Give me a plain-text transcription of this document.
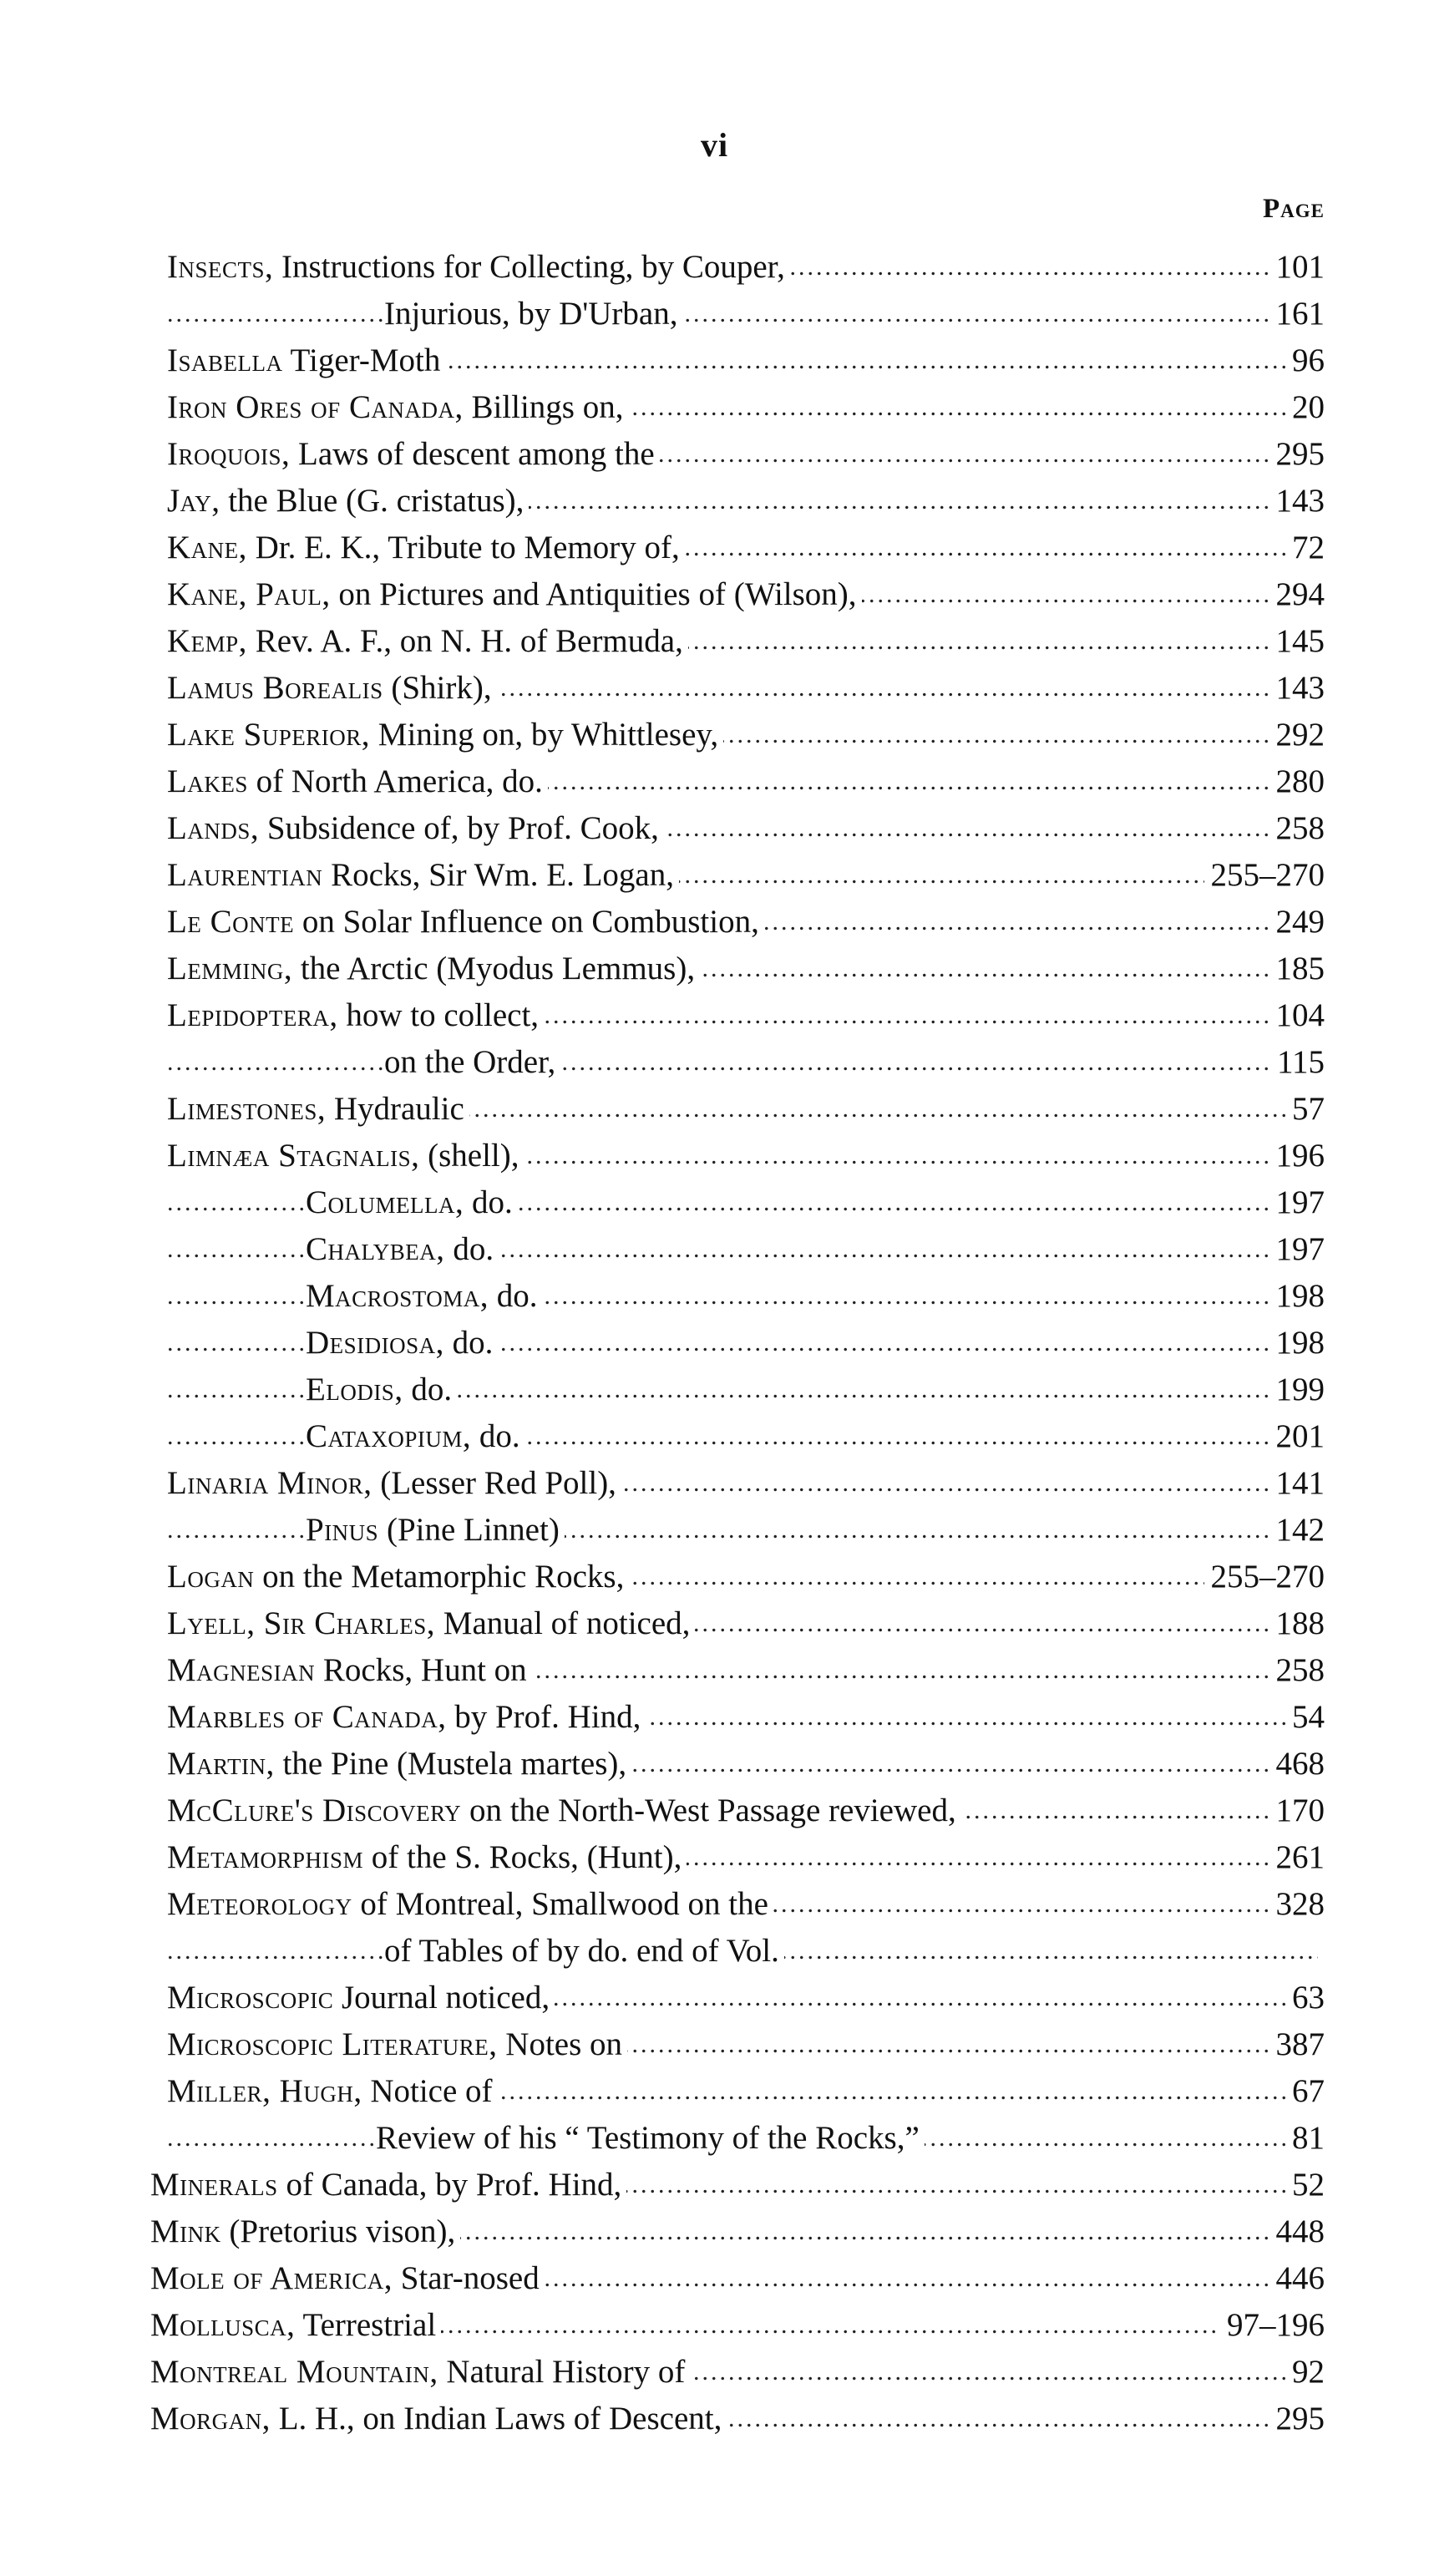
vi
Page
.....
Insects, Instructions for Collecting, by Couper,	101
.....
Injurious, by D'Urban,	161
.....
Isabella Tiger-Moth	96
.....
Iron Ores of Canada, Billings on,	20
.....
Iroquois, Laws of descent among the	295
.....
Jay, the Blue (G. cristatus),	143
.....
Kane, Dr. E. K., Tribute to Memory of,	72
.....
Kane, Paul, on Pictures and Antiquities of (Wilson),	294
.....
Kemp, Rev. A. F., on N. H. of Bermuda,	145
.....
Lamus Borealis (Shirk),	143
.....
Lake Superior, Mining on, by Whittlesey,	292
.....
Lakes of North America, do.	280
.....
Lands, Subsidence of, by Prof. Cook,	258
.....
Laurentian Rocks, Sir Wm. E. Logan,	255–270
.....
Le Conte on Solar Influence on Combustion,	249
.....
Lemming, the Arctic (Myodus Lemmus),	185
.....
Lepidoptera, how to collect,	104
.....
on the Order,	115
.....
Limestones, Hydraulic	57
.....
Limnæa Stagnalis, (shell),	196
.....
Columella, do.	197
.....
Chalybea, do.	197
.....
Macrostoma, do.	198
.....
Desidiosa, do.	198
.....
Elodis, do.	199
.....
Cataxopium, do.	201
.....
Linaria Minor, (Lesser Red Poll),	141
.....
Pinus (Pine Linnet)	142
.....
Logan on the Metamorphic Rocks,	255–270
.....
Lyell, Sir Charles, Manual of noticed,	188
.....
Magnesian Rocks, Hunt on	258
.....
Marbles of Canada, by Prof. Hind,	54
.....
Martin, the Pine (Mustela martes),	468
.....
McClure's Discovery on the North-West Passage reviewed,	170
.....
Metamorphism of the S. Rocks, (Hunt),	261
.....
Meteorology of Montreal, Smallwood on the	328
.....
of Tables of by do. end of Vol.
.....
Microscopic Journal noticed,	63
.....
Microscopic Literature, Notes on	387
.....
Miller, Hugh, Notice of	67
.....
Review of his “ Testimony of the Rocks,”	81
.....
Minerals of Canada, by Prof. Hind,	52
.....
Mink (Pretorius vison),	448
.....
Mole of America, Star-nosed	446
.....
Mollusca, Terrestrial	97–196
.....
Montreal Mountain, Natural History of	92
.....
Morgan, L. H., on Indian Laws of Descent,	295
